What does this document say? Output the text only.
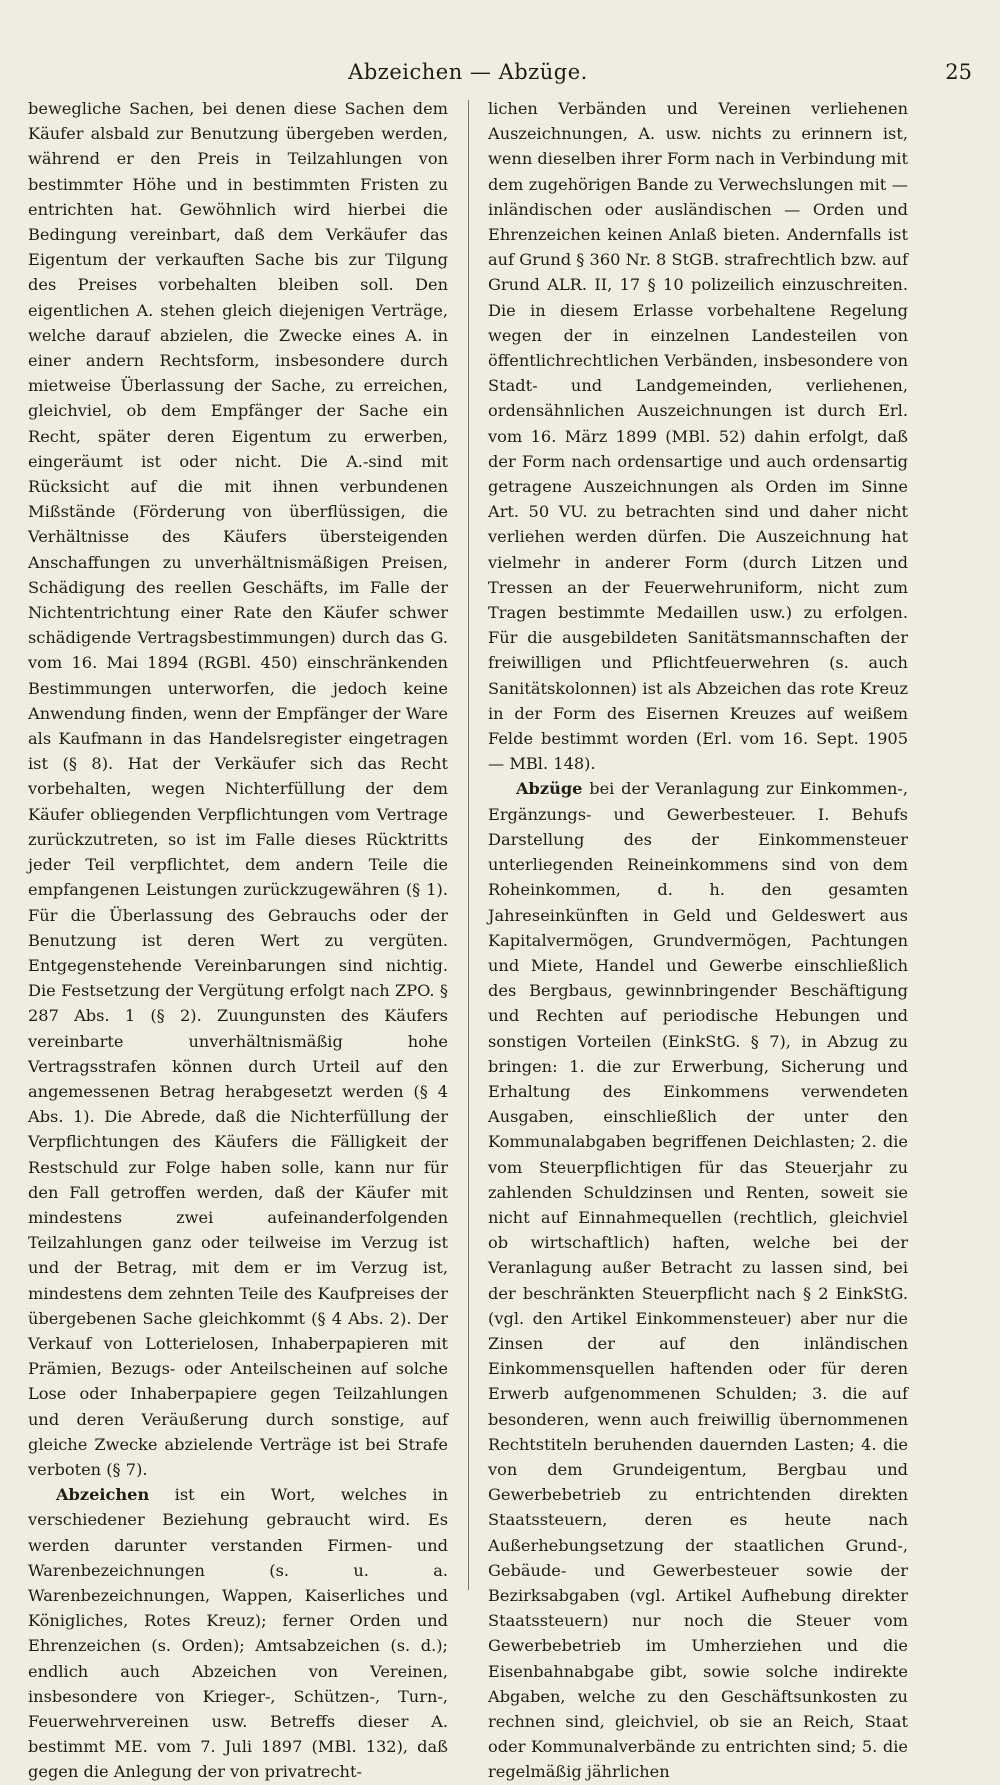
Abzeichen — Abzüge.	25

bewegliche Sachen, bei denen diese Sachen dem Käufer alsbald zur Benutzung übergeben werden, während er den Preis in Teilzahlungen von bestimmter Höhe und in bestimmten Fristen zu entrichten hat. Gewöhnlich wird hierbei die Bedingung vereinbart, daß dem Verkäufer das Eigentum der verkauften Sache bis zur Tilgung des Preises vorbehalten bleiben soll. Den eigentlichen A. stehen gleich diejenigen Verträge, welche darauf abzielen, die Zwecke eines A. in einer andern Rechtsform, insbesondere durch mietweise Überlassung der Sache, zu erreichen, gleichviel, ob dem Empfänger der Sache ein Recht, später deren Eigentum zu erwerben, eingeräumt ist oder nicht. Die A.-sind mit Rücksicht auf die mit ihnen verbundenen Mißstände (Förderung von überflüssigen, die Verhältnisse des Käufers übersteigenden Anschaffungen zu unverhältnismäßigen Preisen, Schädigung des reellen Geschäfts, im Falle der Nichtentrichtung einer Rate den Käufer schwer schädigende Vertragsbestimmungen) durch das G. vom 16. Mai 1894 (RGBl. 450) einschränkenden Bestimmungen unterworfen, die jedoch keine Anwendung finden, wenn der Empfänger der Ware als Kaufmann in das Handelsregister eingetragen ist (§ 8). Hat der Verkäufer sich das Recht vorbehalten, wegen Nichterfüllung der dem Käufer obliegenden Verpflichtungen vom Vertrage zurückzutreten, so ist im Falle dieses Rücktritts jeder Teil verpflichtet, dem andern Teile die empfangenen Leistungen zurückzugewähren (§ 1). Für die Überlassung des Gebrauchs oder der Benutzung ist deren Wert zu vergüten. Entgegenstehende Vereinbarungen sind nichtig. Die Festsetzung der Vergütung erfolgt nach ZPO. § 287 Abs. 1 (§ 2). Zuungunsten des Käufers vereinbarte unverhältnismäßig hohe Vertragsstrafen können durch Urteil auf den angemessenen Betrag herabgesetzt werden (§ 4 Abs. 1). Die Abrede, daß die Nichterfüllung der Verpflichtungen des Käufers die Fälligkeit der Restschuld zur Folge haben solle, kann nur für den Fall getroffen werden, daß der Käufer mit mindestens zwei aufeinanderfolgenden Teilzahlungen ganz oder teilweise im Verzug ist und der Betrag, mit dem er im Verzug ist, mindestens dem zehnten Teile des Kaufpreises der übergebenen Sache gleichkommt (§ 4 Abs. 2). Der Verkauf von Lotterielosen, Inhaberpapieren mit Prämien, Bezugs- oder Anteilscheinen auf solche Lose oder Inhaberpapiere gegen Teilzahlungen und deren Veräußerung durch sonstige, auf gleiche Zwecke abzielende Verträge ist bei Strafe verboten (§ 7).

Abzeichen ist ein Wort, welches in verschiedener Beziehung gebraucht wird. Es werden darunter verstanden Firmen- und Warenbezeichnungen (s. u. a. Warenbezeichnungen, Wappen, Kaiserliches und Königliches, Rotes Kreuz); ferner Orden und Ehrenzeichen (s. Orden); Amtsabzeichen (s. d.); endlich auch Abzeichen von Vereinen, insbesondere von Krieger-, Schützen-, Turn-, Feuerwehrvereinen usw. Betreffs dieser A. bestimmt ME. vom 7. Juli 1897 (MBl. 132), daß gegen die Anlegung der von privatrecht-

lichen Verbänden und Vereinen verliehenen Auszeichnungen, A. usw. nichts zu erinnern ist, wenn dieselben ihrer Form nach in Verbindung mit dem zugehörigen Bande zu Verwechslungen mit — inländischen oder ausländischen — Orden und Ehrenzeichen keinen Anlaß bieten. Andernfalls ist auf Grund § 360 Nr. 8 StGB. strafrechtlich bzw. auf Grund ALR. II, 17 § 10 polizeilich einzuschreiten. Die in diesem Erlasse vorbehaltene Regelung wegen der in einzelnen Landesteilen von öffentlichrechtlichen Verbänden, insbesondere von Stadt- und Landgemeinden, verliehenen, ordensähnlichen Auszeichnungen ist durch Erl. vom 16. März 1899 (MBl. 52) dahin erfolgt, daß der Form nach ordensartige und auch ordensartig getragene Auszeichnungen als Orden im Sinne Art. 50 VU. zu betrachten sind und daher nicht verliehen werden dürfen. Die Auszeichnung hat vielmehr in anderer Form (durch Litzen und Tressen an der Feuerwehruniform, nicht zum Tragen bestimmte Medaillen usw.) zu erfolgen. Für die ausgebildeten Sanitätsmannschaften der freiwilligen und Pflichtfeuerwehren (s. auch Sanitätskolonnen) ist als Abzeichen das rote Kreuz in der Form des Eisernen Kreuzes auf weißem Felde bestimmt worden (Erl. vom 16. Sept. 1905 — MBl. 148).

Abzüge bei der Veranlagung zur Einkommen-, Ergänzungs- und Gewerbesteuer. I. Behufs Darstellung des der Einkommensteuer unterliegenden Reineinkommens sind von dem Roheinkommen, d. h. den gesamten Jahreseinkünften in Geld und Geldeswert aus Kapitalvermögen, Grundvermögen, Pachtungen und Miete, Handel und Gewerbe einschließlich des Bergbaus, gewinnbringender Beschäftigung und Rechten auf periodische Hebungen und sonstigen Vorteilen (EinkStG. § 7), in Abzug zu bringen: 1. die zur Erwerbung, Sicherung und Erhaltung des Einkommens verwendeten Ausgaben, einschließlich der unter den Kommunalabgaben begriffenen Deichlasten; 2. die vom Steuerpflichtigen für das Steuerjahr zu zahlenden Schuldzinsen und Renten, soweit sie nicht auf Einnahmequellen (rechtlich, gleichviel ob wirtschaftlich) haften, welche bei der Veranlagung außer Betracht zu lassen sind, bei der beschränkten Steuerpflicht nach § 2 EinkStG. (vgl. den Artikel Einkommensteuer) aber nur die Zinsen der auf den inländischen Einkommensquellen haftenden oder für deren Erwerb aufgenommenen Schulden; 3. die auf besonderen, wenn auch freiwillig übernommenen Rechtstiteln beruhenden dauernden Lasten; 4. die von dem Grundeigentum, Bergbau und Gewerbebetrieb zu entrichtenden direkten Staatssteuern, deren es heute nach Außerhebungsetzung der staatlichen Grund-, Gebäude- und Gewerbesteuer sowie der Bezirksabgaben (vgl. Artikel Aufhebung direkter Staatssteuern) nur noch die Steuer vom Gewerbebetrieb im Umherziehen und die Eisenbahnabgabe gibt, sowie solche indirekte Abgaben, welche zu den Geschäftsunkosten zu rechnen sind, gleichviel, ob sie an Reich, Staat oder Kommunalverbände zu entrichten sind; 5. die regelmäßig jährlichen
